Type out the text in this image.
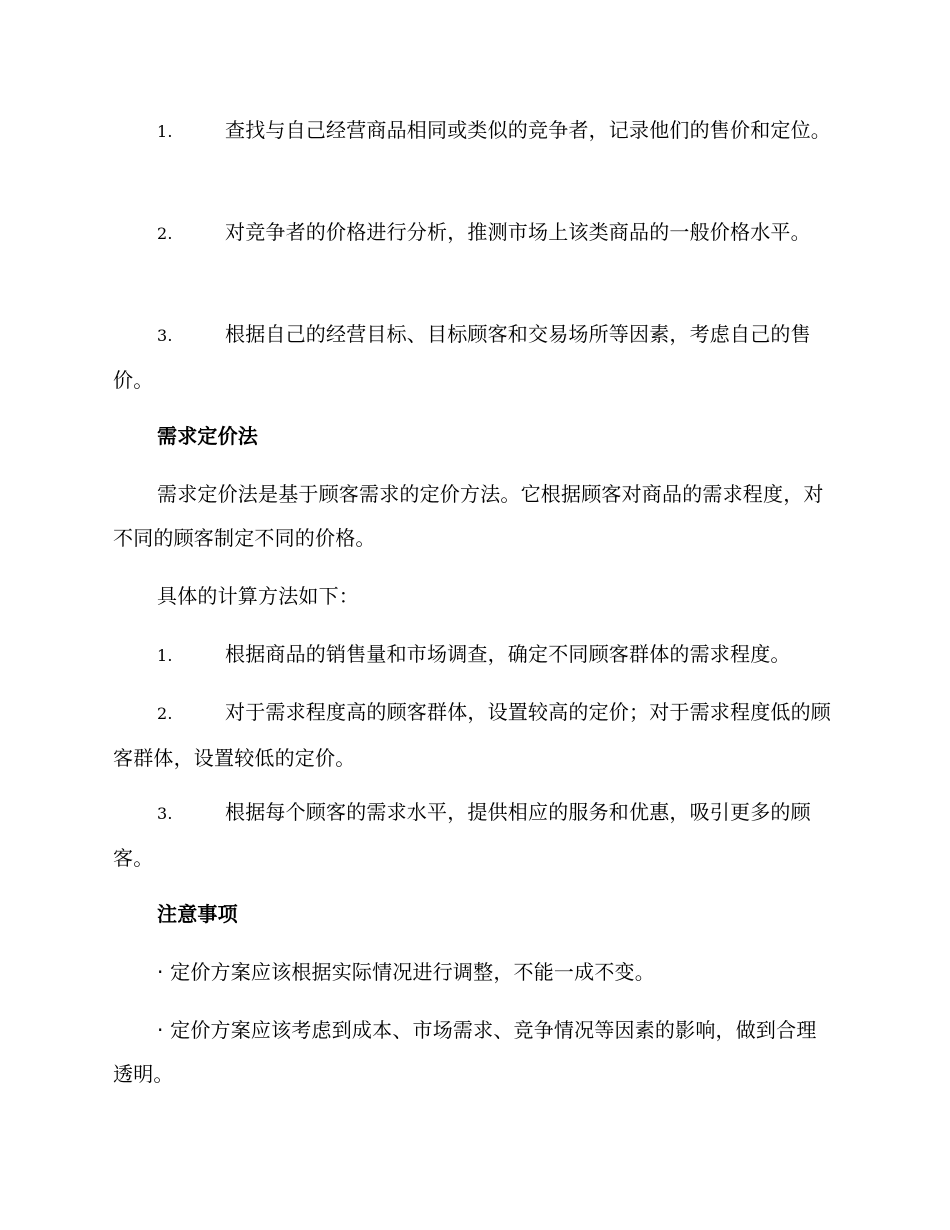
1.	查找与自己经营商品相同或类似的竞争者，记录他们的售价和定位。
2.	对竞争者的价格进行分析，推测市场上该类商品的一般价格水平。
3.	根据自己的经营目标、目标顾客和交易场所等因素，考虑自己的售价。
需求定价法
需求定价法是基于顾客需求的定价方法。它根据顾客对商品的需求程度，对不同的顾客制定不同的价格。
具体的计算方法如下：
1.	根据商品的销售量和市场调查，确定不同顾客群体的需求程度。
2.	对于需求程度高的顾客群体，设置较高的定价；对于需求程度低的顾客群体，设置较低的定价。
3.	根据每个顾客的需求水平，提供相应的服务和优惠，吸引更多的顾客。
注意事项
· 定价方案应该根据实际情况进行调整，不能一成不变。
· 定价方案应该考虑到成本、市场需求、竞争情况等因素的影响，做到合理透明。
